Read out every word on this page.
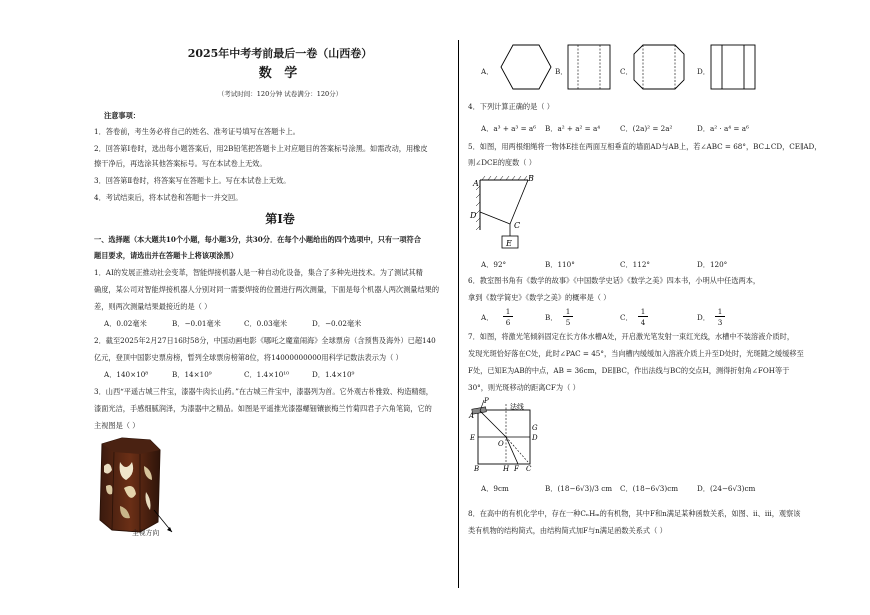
2025年中考考前最后一卷（山西卷）
数 学
（考试时间：120分钟 试卷满分：120分）
注意事项：
1．答卷前，考生务必将自己的姓名、准考证号填写在答题卡上。
2．回答第Ⅰ卷时，选出每小题答案后，用2B铅笔把答题卡上对应题目的答案标号涂黑。如需改动，用橡皮
擦干净后，再选涂其他答案标号。写在本试卷上无效。
3．回答第Ⅱ卷时，将答案写在答题卡上。写在本试卷上无效。
4．考试结束后，将本试卷和答题卡一并交回。
第Ⅰ卷
一、选择题（本大题共10个小题，每小题3分，共30分．在每个小题给出的四个选项中，只有一项符合
题目要求，请选出并在答题卡上将该项涂黑）
1．AI的发展正推动社会变革，智能焊接机器人是一种自动化设备，集合了多种先进技术。为了测试其精
确度，某公司对智能焊接机器人分别对同一需要焊接的位置进行两次测量，下面是每个机器人两次测量结果的
差，则两次测量结果最接近的是（ ）
A．0.02毫米	B．−0.01毫米	C．0.03毫米	D．−0.02毫米
2．截至2025年2月27日16时58分，中国动画电影《哪吒之魔童闹海》全球票房（含预售及海外）已超140
亿元，登顶中国影史票房榜，暂列全球票房榜第8位，将14000000000用科学记数法表示为（ ）
A．140×10⁸	B．14×10⁹	C．1.4×10¹⁰	D．1.4×10⁹
3．山西“平遥古城三件宝，漆器牛肉长山药。”在古城三件宝中，漆器列为首。它外观古朴雅致、构造精细，
漆面光洁，手感细腻润泽，为漆器中之精品。如图是平遥推光漆器螺钿镶嵌梅兰竹菊四君子六角笔筒，它的
主视图是（ ）
主视方向
A．	B．	C．	D．
4．下列计算正确的是（ ）
A．a³ + a³ = a⁶ B．a² + a² = a⁴	C．(2a)² = 2a²	D．a² · a⁴ = a⁶
5．如图，用两根细绳将一物体E挂在两面互相垂直的墙面AD与AB上，若∠ABC = 68°，BC⊥CD，CE∥AD，
则∠DCE的度数（ ）
A
B
C
D
E
A．92°	B．110°	C．112°	D．120°
6．教室图书角有《数学的故事》《中国数学史话》《数学之美》四本书，小明从中任选两本，
拿到《数学简史》《数学之美》的概率是（ ）
A．
1
6
B．
1
5
C．
1
4
D．
1
3
7．如图，将激光笔倾斜固定在长方体水槽A处，开启激光笔发射一束红光线，水槽中不装溶液介质时，
发现光斑恰好落在C处，此时∠PAC = 45°，当向槽内缓缓加入溶液介质上升至D处时，光斑随之缓缓移至
F处，已知E为AB的中点，AB = 36cm，DE∥BC，作出法线与BC的交点H，测得折射角∠FOH等于
30°，则光斑移动的距离CF为（ ）
A
P
法线
E
O
D
G
B	H F C
A．9cm	B．(18−6√3)/3 cm C．(18−6√3)cm	D．(24−6√3)cm
8．在高中的有机化学中，存在一种CₙHₘ的有机物，其中F和n满足某种函数关系，如图、ii、iii，观察该
类有机物的结构简式，由结构简式加F与n满足函数关系式（ ）
